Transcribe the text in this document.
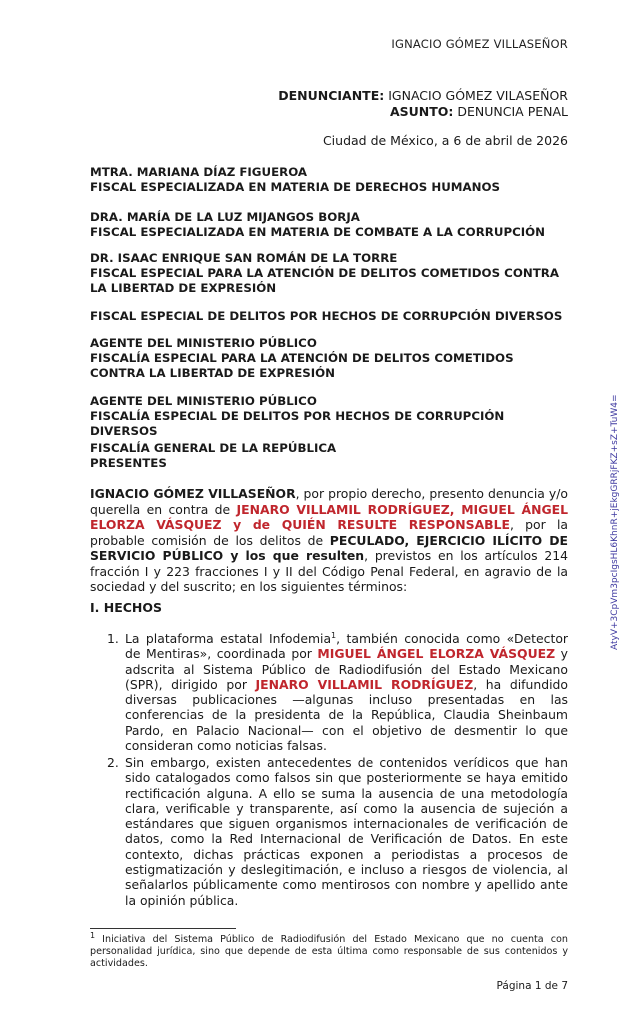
IGNACIO GÓMEZ VILLASEÑOR
DENUNCIANTE: IGNACIO GÓMEZ VILASEÑOR
ASUNTO: DENUNCIA PENAL
Ciudad de México, a 6 de abril de 2026
MTRA. MARIANA DÍAZ FIGUEROA
FISCAL ESPECIALIZADA EN MATERIA DE DERECHOS HUMANOS
DRA. MARÍA DE LA LUZ MIJANGOS BORJA
FISCAL ESPECIALIZADA EN MATERIA DE COMBATE A LA CORRUPCIÓN
DR. ISAAC ENRIQUE SAN ROMÁN DE LA TORRE
FISCAL ESPECIAL PARA LA ATENCIÓN DE DELITOS COMETIDOS CONTRA
LA LIBERTAD DE EXPRESIÓN
FISCAL ESPECIAL DE DELITOS POR HECHOS DE CORRUPCIÓN DIVERSOS
AGENTE DEL MINISTERIO PÚBLICO
FISCALÍA ESPECIAL PARA LA ATENCIÓN DE DELITOS COMETIDOS
CONTRA LA LIBERTAD DE EXPRESIÓN
AGENTE DEL MINISTERIO PÚBLICO
FISCALÍA ESPECIAL DE DELITOS POR HECHOS DE CORRUPCIÓN DIVERSOS
FISCALÍA GENERAL DE LA REPÚBLICA
PRESENTES
IGNACIO GÓMEZ VILLASEÑOR, por propio derecho, presento denuncia y/o querella en contra de JENARO VILLAMIL RODRÍGUEZ, MIGUEL ÁNGEL ELORZA VÁSQUEZ y de QUIÉN RESULTE RESPONSABLE, por la probable comisión de los delitos de PECULADO, EJERCICIO ILÍCITO DE SERVICIO PÚBLICO y los que resulten, previstos en los artículos 214 fracción I y 223 fracciones I y II del Código Penal Federal, en agravio de la sociedad y del suscrito; en los siguientes términos:
I. HECHOS
1. La plataforma estatal Infodemia$^1$, también conocida como «Detector de Mentiras», coordinada por MIGUEL ÁNGEL ELORZA VÁSQUEZ y adscrita al Sistema Público de Radiodifusión del Estado Mexicano (SPR), dirigido por JENARO VILLAMIL RODRÍGUEZ, ha difundido diversas publicaciones —algunas incluso presentadas en las conferencias de la presidenta de la República, Claudia Sheinbaum Pardo, en Palacio Nacional— con el objetivo de desmentir lo que consideran como noticias falsas.
2. Sin embargo, existen antecedentes de contenidos verídicos que han sido catalogados como falsos sin que posteriormente se haya emitido rectificación alguna. A ello se suma la ausencia de una metodología clara, verificable y transparente, así como la ausencia de sujeción a estándares que siguen organismos internacionales de verificación de datos, como la Red Internacional de Verificación de Datos. En este contexto, dichas prácticas exponen a periodistas a procesos de estigmatización y deslegitimación, e incluso a riesgos de violencia, al señalarlos públicamente como mentirosos con nombre y apellido ante la opinión pública.
$^1$ Iniciativa del Sistema Público de Radiodifusión del Estado Mexicano que no cuenta con personalidad jurídica, sino que depende de esta última como responsable de sus contenidos y actividades.
Página 1 de 7
AtyV+3CpVm3pcIgsHL6KhnR+jEkgGRRjFKZ+sZ+TuW4=
